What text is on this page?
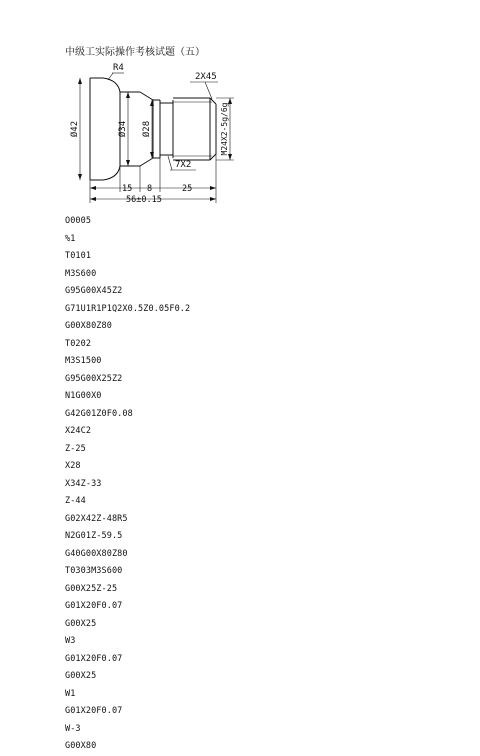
中级工实际操作考核试题（五）
R4
2X45
Ø42	Ø34 Ø28	M24X2-5g/6g
7X2
15 8	25
56±0.15
O0005
%1
T0101
M3S600
G95G00X45Z2
G71U1R1P1Q2X0.5Z0.05F0.2
G00X80Z80
T0202
M3S1500
G95G00X25Z2
N1G00X0
G42G01Z0F0.08
X24C2
Z-25
X28
X34Z-33
Z-44
G02X42Z-48R5
N2G01Z-59.5
G40G00X80Z80
T0303M3S600
G00X25Z-25
G01X20F0.07
G00X25
W3
G01X20F0.07
G00X25
W1
G01X20F0.07
W-3
G00X80
